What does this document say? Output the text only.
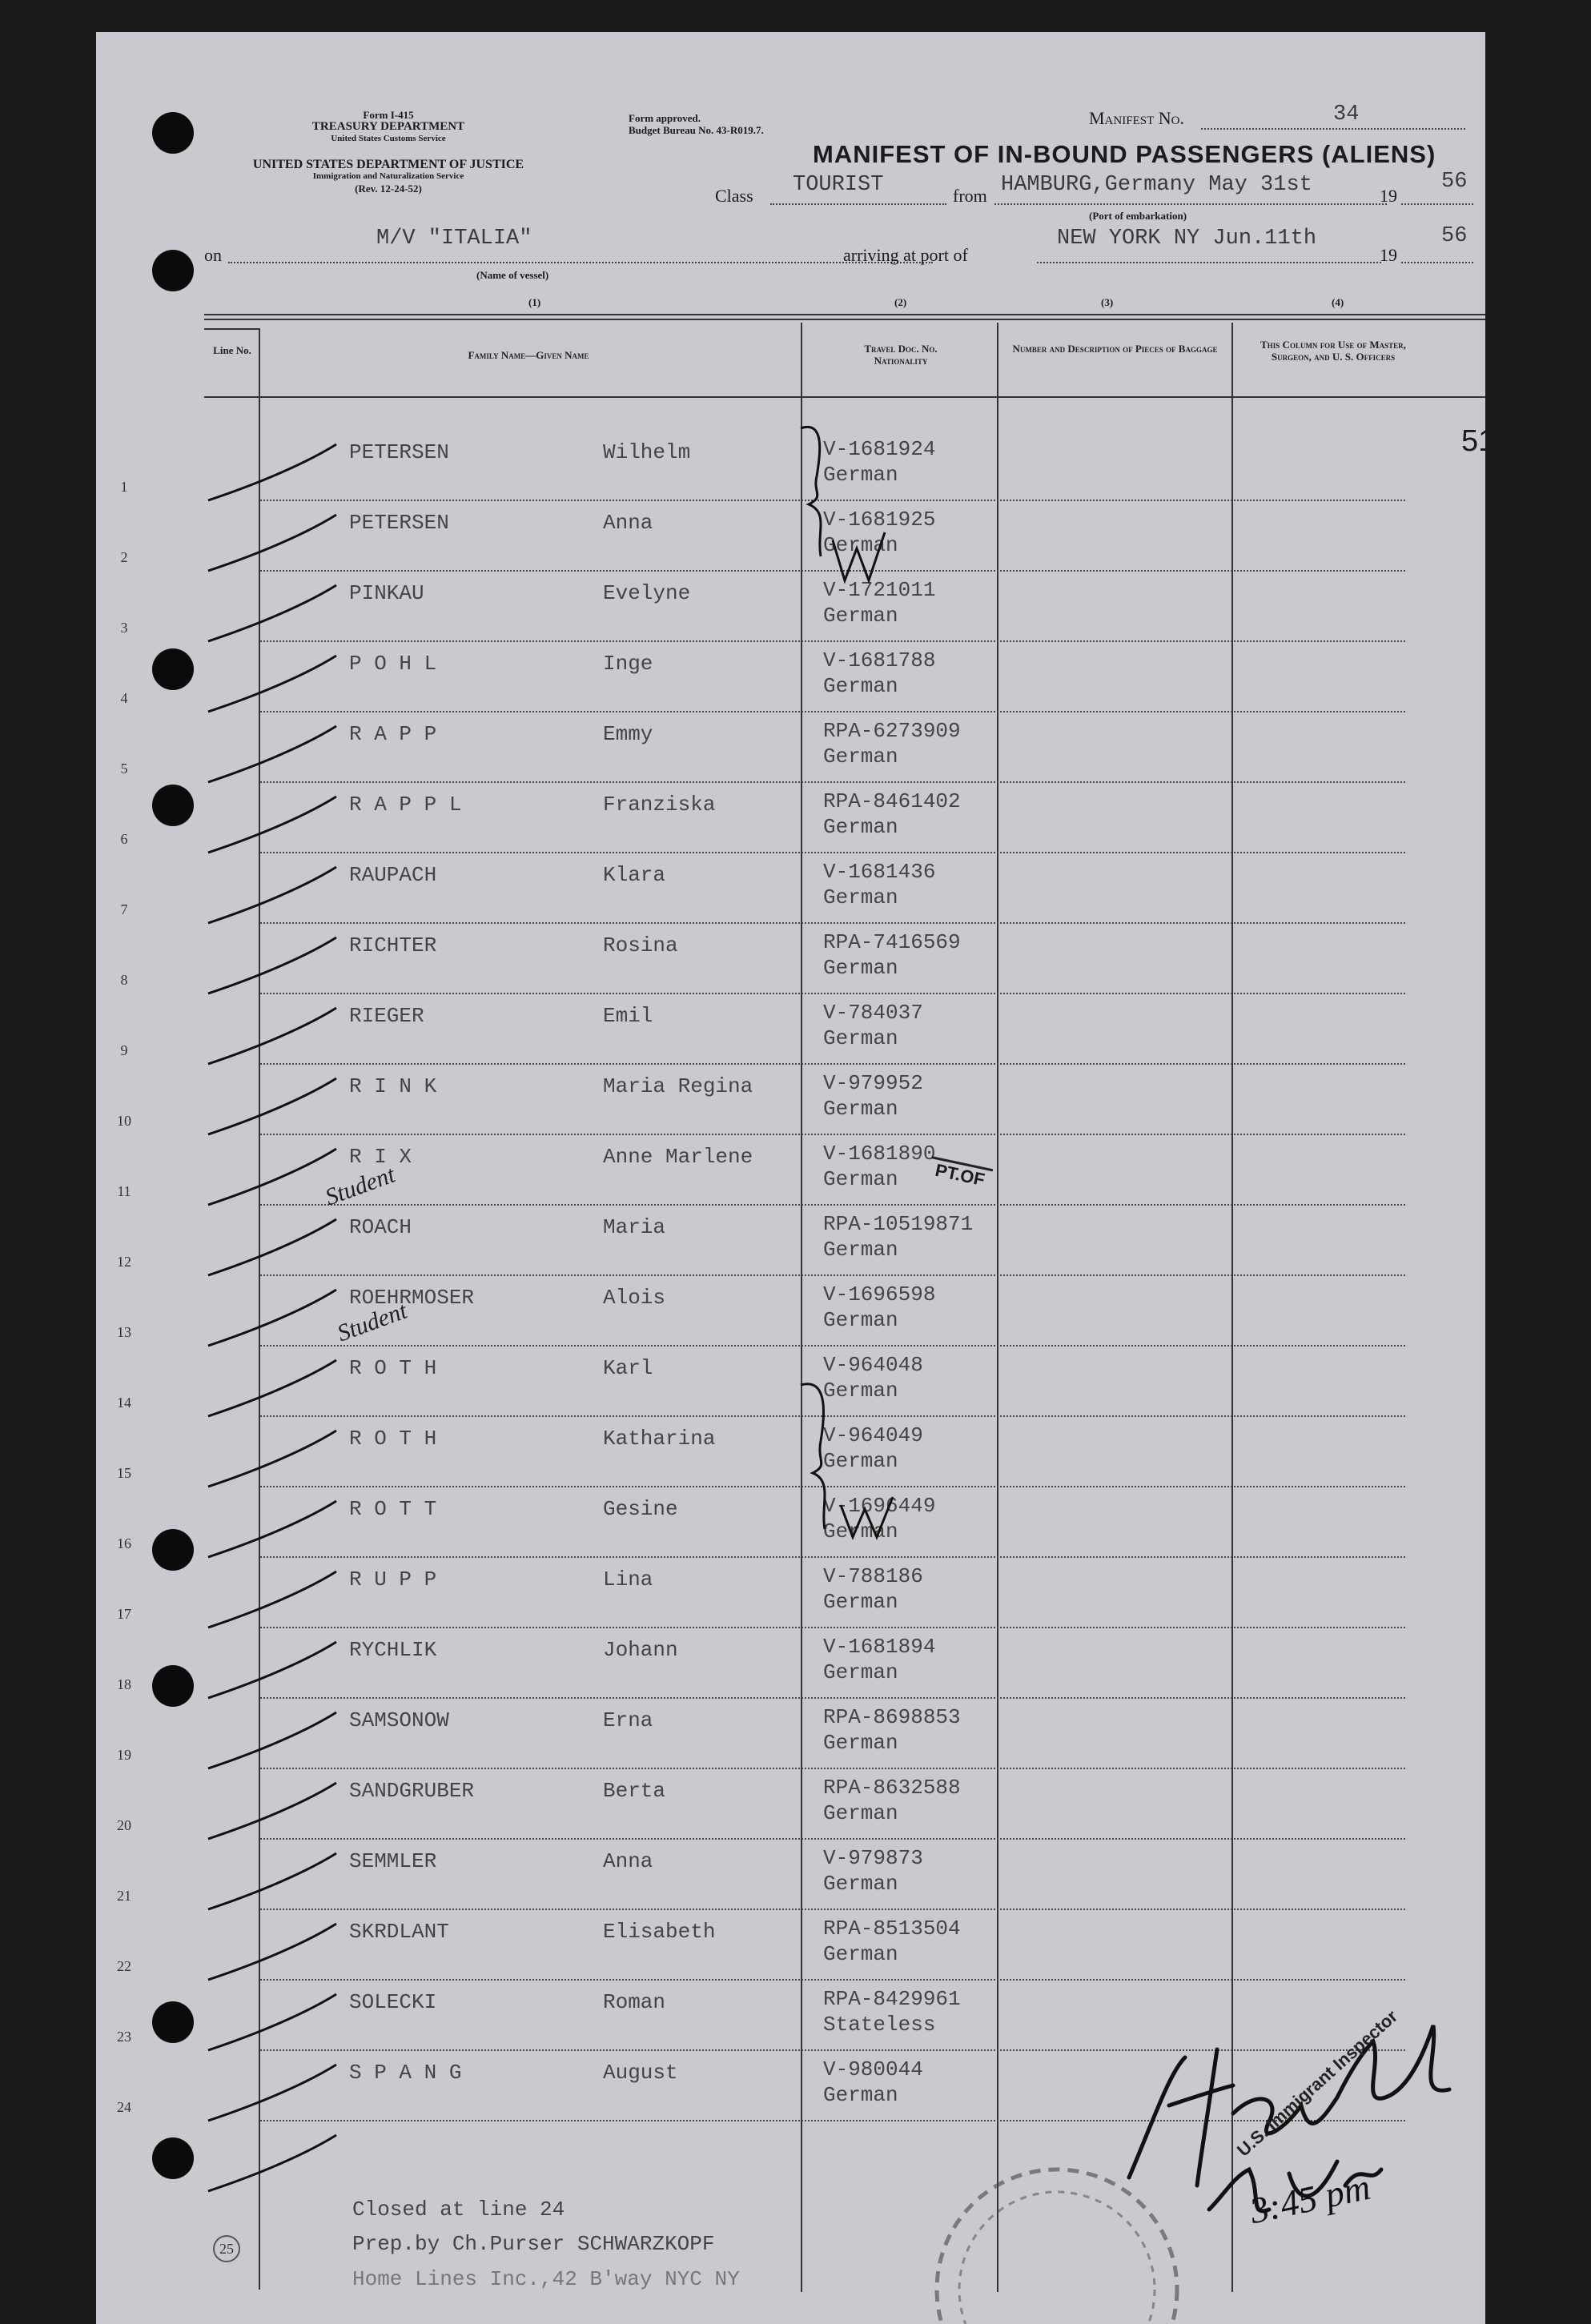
Form I-415
TREASURY DEPARTMENT
United States Customs Service
UNITED STATES DEPARTMENT OF JUSTICE
Immigration and Naturalization Service
(Rev. 12-24-52)
Form approved.
Budget Bureau No. 43-R019.7.
Manifest No.	34
MANIFEST OF IN-BOUND PASSENGERS (ALIENS)
Class TOURIST	from HAMBURG,Germany May 31st	19
56
(Port of embarkation)
on
M/V "ITALIA"
(Name of vessel)
arriving at port of
NEW YORK NY Jun.11th
19
56
(1)	(2)	(3)	(4)
Line No.	Family Name—Given Name
Travel Doc. No. Nationality
Number and Description of Pieces of Baggage	This Column for Use of Master, Surgeon, and U. S. Officers
51
1
PETERSEN	Wilhelm	V-1681924
German
2
PETERSEN	Anna	V-1681925
German
3
PINKAU	Evelyne	V-1721011
German
4
P O H L	Inge	V-1681788
German
5
R A P P	Emmy	RPA-6273909
German
6
R A P P L	Franziska	RPA-8461402
German
7
RAUPACH	Klara	V-1681436
German
8
RICHTER	Rosina	RPA-7416569
German
9
RIEGER	Emil	V-784037
German
10
R I N K	Maria Regina	V-979952
German
11
R I X	Anne Marlene	V-1681890
German
12
ROACH	Maria	RPA-10519871
German
13
ROEHRMOSER	Alois	V-1696598
German
14
R O T H	Karl	V-964048
German
15
R O T H	Katharina	V-964049
German
16
R O T T	Gesine	V-1696449
German
17
R U P P	Lina	V-788186
German
18
RYCHLIK	Johann	V-1681894
German
19
SAMSONOW	Erna	RPA-8698853
German
20
SANDGRUBER	Berta	RPA-8632588
German
21
SEMMLER	Anna	V-979873
German
22
SKRDLANT	Elisabeth	RPA-8513504
German
23
SOLECKI	Roman	RPA-8429961
Stateless
24
S P A N G	August	V-980044
German
25
Closed at line 24
Prep.by Ch.Purser SCHWARZKOPF
Home Lines Inc.,42 B'way NYC NY
PT.OF
U.S. Immigrant Inspector
3:45 pm
Student
Student
